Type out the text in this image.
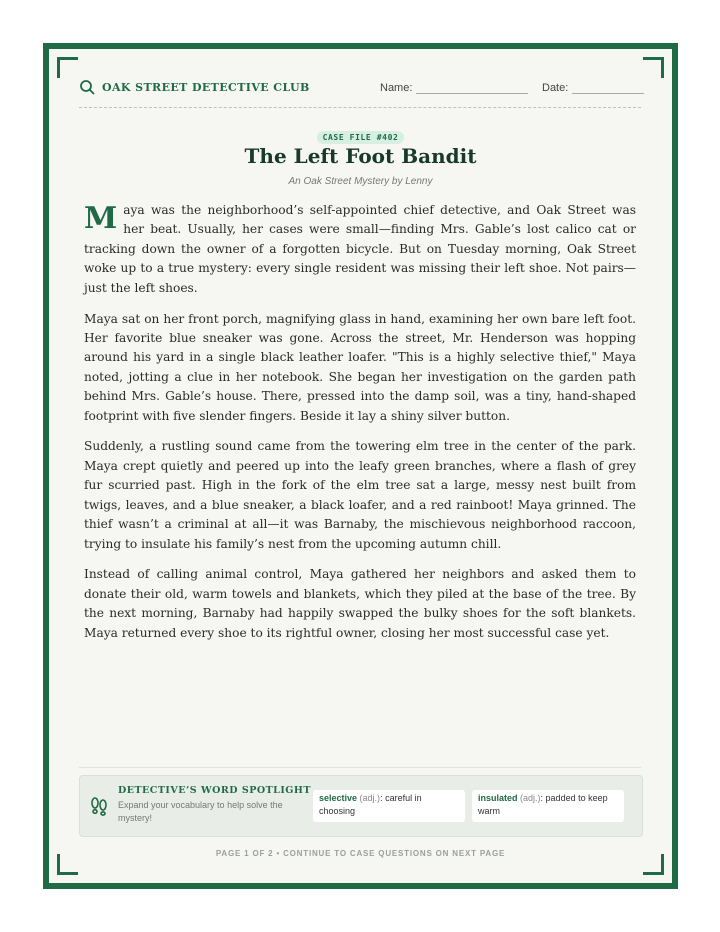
OAK STREET DETECTIVE CLUB	Name:	Date:
CASE FILE #402
The Left Foot Bandit
An Oak Street Mystery by Lenny

Maya was the neighborhood’s self-appointed chief detective, and Oak Street was her beat. Usually, her cases were small—finding Mrs. Gable’s lost calico cat or tracking down the owner of a forgotten bicycle. But on Tuesday morning, Oak Street woke up to a true mystery: every single resident was missing their left shoe. Not pairs—just the left shoes.

Maya sat on her front porch, magnifying glass in hand, examining her own bare left foot. Her favorite blue sneaker was gone. Across the street, Mr. Henderson was hopping around his yard in a single black leather loafer. "This is a highly selective thief," Maya noted, jotting a clue in her notebook. She began her investigation on the garden path behind Mrs. Gable’s house. There, pressed into the damp soil, was a tiny, hand-shaped footprint with five slender fingers. Beside it lay a shiny silver button.

Suddenly, a rustling sound came from the towering elm tree in the center of the park. Maya crept quietly and peered up into the leafy green branches, where a flash of grey fur scurried past. High in the fork of the elm tree sat a large, messy nest built from twigs, leaves, and a blue sneaker, a black loafer, and a red rainboot! Maya grinned. The thief wasn’t a criminal at all—it was Barnaby, the mischievous neighborhood raccoon, trying to insulate his family’s nest from the upcoming autumn chill.

Instead of calling animal control, Maya gathered her neighbors and asked them to donate their old, warm towels and blankets, which they piled at the base of the tree. By the next morning, Barnaby had happily swapped the bulky shoes for the soft blankets. Maya returned every shoe to its rightful owner, closing her most successful case yet.

DETECTIVE’S WORD SPOTLIGHT
Expand your vocabulary to help solve the mystery!
selective (adj.): careful in choosing
insulated (adj.): padded to keep warm
PAGE 1 OF 2 • CONTINUE TO CASE QUESTIONS ON NEXT PAGE
